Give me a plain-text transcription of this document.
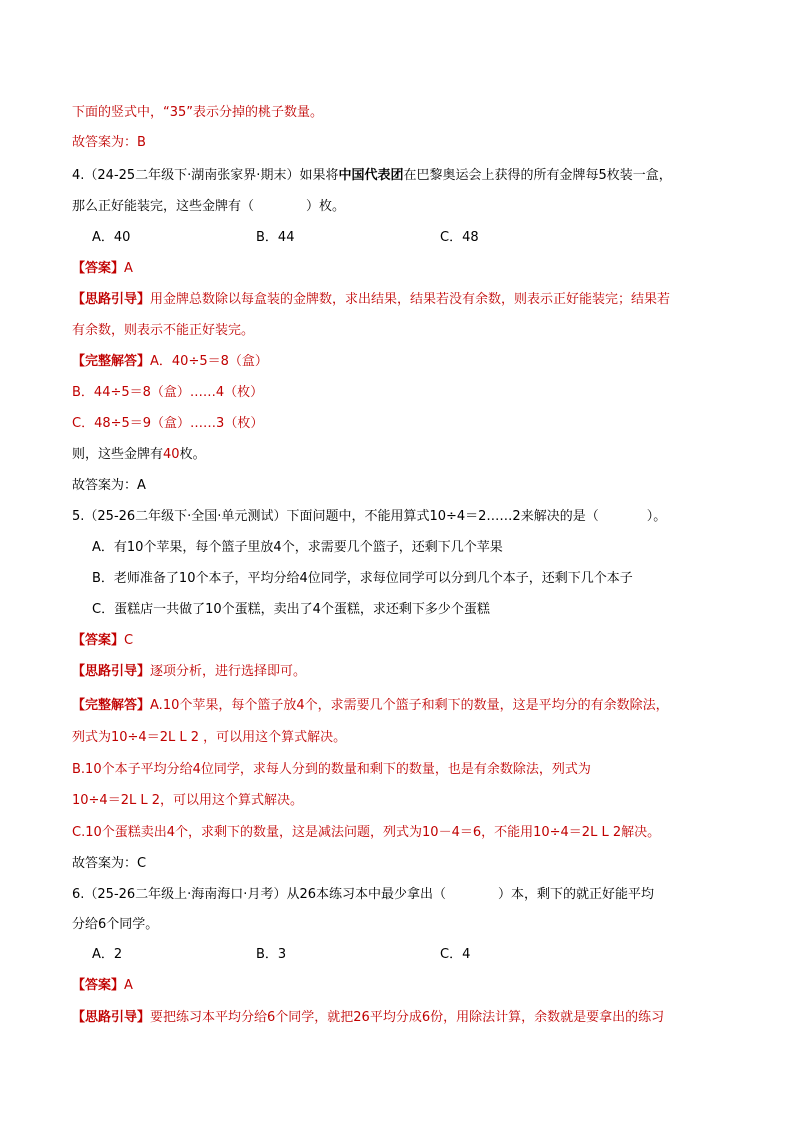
下面的竖式中，“35”表示分掉的桃子数量。
故答案为：B
4.（24-25二年级下·湖南张家界·期末）如果将中国代表团在巴黎奥运会上获得的所有金牌每5枚装一盒，
那么正好能装完，这些金牌有（	）枚。
A．40	B．44	C．48
【答案】A
【思路引导】用金牌总数除以每盒装的金牌数，求出结果，结果若没有余数，则表示正好能装完；结果若
有余数，则表示不能正好装完。
【完整解答】A．40÷5＝8（盒）
B．44÷5＝8（盒）……4（枚）
C．48÷5＝9（盒）……3（枚）
则，这些金牌有40枚。
故答案为：A
5.（25-26二年级下·全国·单元测试）下面问题中，不能用算式10÷4＝2……2来解决的是（	）。
A．有10个苹果，每个篮子里放4个，求需要几个篮子，还剩下几个苹果
B．老师准备了10个本子，平均分给4位同学，求每位同学可以分到几个本子，还剩下几个本子
C．蛋糕店一共做了10个蛋糕，卖出了4个蛋糕，求还剩下多少个蛋糕
【答案】C
【思路引导】逐项分析，进行选择即可。
【完整解答】A.10个苹果，每个篮子放4个，求需要几个篮子和剩下的数量，这是平均分的有余数除法，
列式为10÷4＝2L L 2 ，可以用这个算式解决。
B.10个本子平均分给4位同学，求每人分到的数量和剩下的数量，也是有余数除法，列式为
10÷4＝2L L 2，可以用这个算式解决。
C.10个蛋糕卖出4个，求剩下的数量，这是减法问题，列式为10－4＝6，不能用10÷4＝2L L 2解决。
故答案为：C
6.（25-26二年级上·海南海口·月考）从26本练习本中最少拿出（	）本，剩下的就正好能平均
分给6个同学。
A．2	B．3	C．4
【答案】A
【思路引导】要把练习本平均分给6个同学，就把26平均分成6份，用除法计算，余数就是要拿出的练习
